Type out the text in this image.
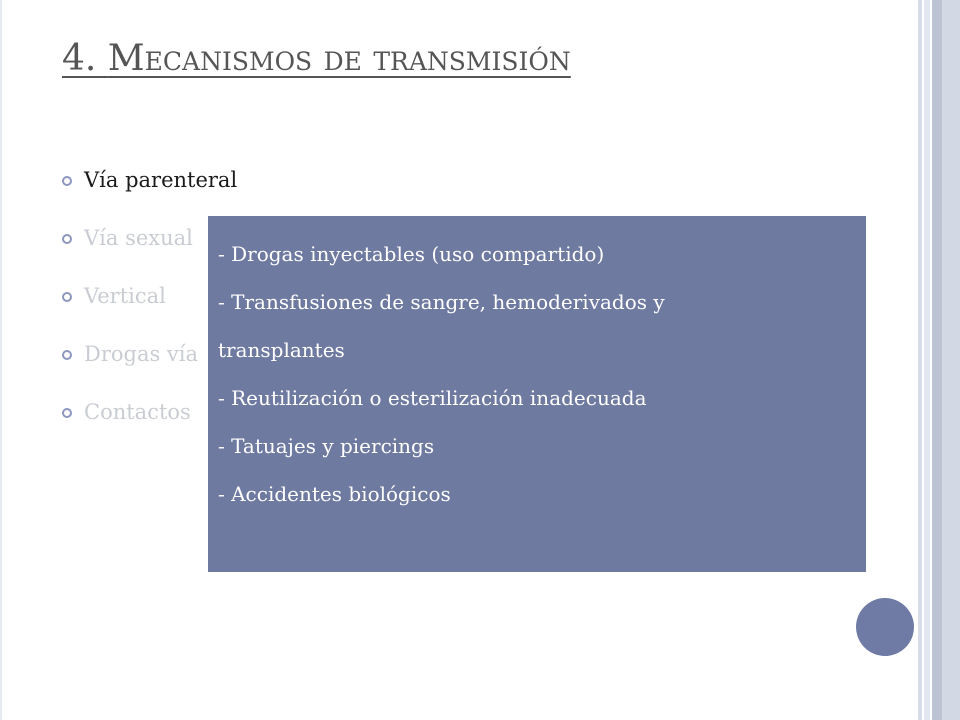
4. Mecanismos de transmisión
Vía parenteral
Vía sexual
Vertical
Drogas vía
Contactos

- Drogas inyectables (uso compartido)

- Transfusiones de sangre, hemoderivados y

transplantes

- Reutilización o esterilización inadecuada

- Tatuajes y piercings

- Accidentes biológicos
